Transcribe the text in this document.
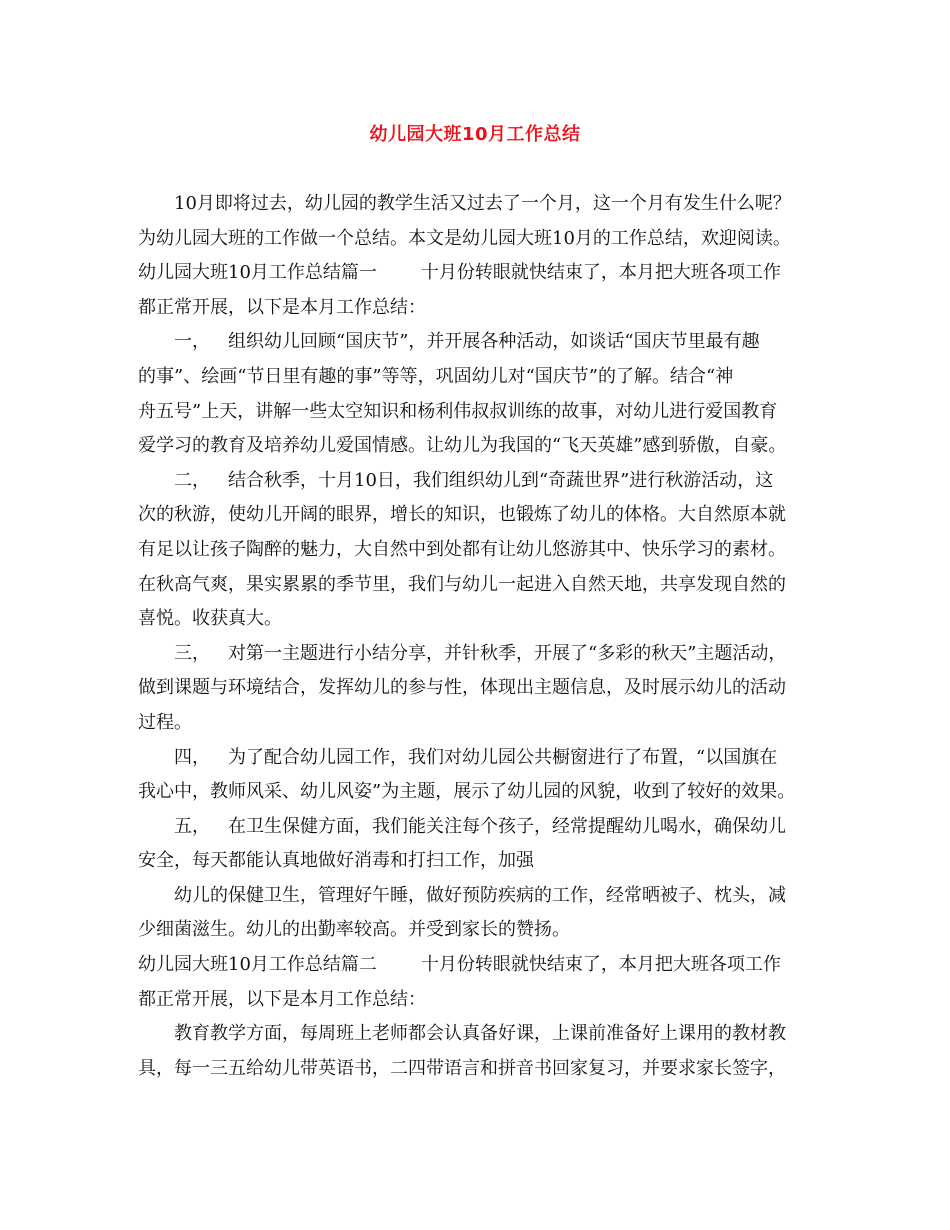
幼儿园大班10月工作总结
10月即将过去，幼儿园的教学生活又过去了一个月，这一个月有发生什么呢？
为幼儿园大班的工作做一个总结。本文是幼儿园大班10月的工作总结，欢迎阅读。
幼儿园大班10月工作总结篇一 十月份转眼就快结束了，本月把大班各项工作
都正常开展，以下是本月工作总结：
一， 组织幼儿回顾“国庆节”，并开展各种活动，如谈话“国庆节里最有趣
的事”、绘画“节日里有趣的事”等等，巩固幼儿对“国庆节”的了解。结合“神
舟五号”上天，讲解一些太空知识和杨利伟叔叔训练的故事，对幼儿进行爱国教育
爱学习的教育及培养幼儿爱国情感。让幼儿为我国的“飞天英雄”感到骄傲，自豪。
二， 结合秋季，十月10日，我们组织幼儿到“奇蔬世界”进行秋游活动，这
次的秋游，使幼儿开阔的眼界，增长的知识，也锻炼了幼儿的体格。大自然原本就
有足以让孩子陶醉的魅力，大自然中到处都有让幼儿悠游其中、快乐学习的素材。
在秋高气爽，果实累累的季节里，我们与幼儿一起进入自然天地，共享发现自然的
喜悦。收获真大。
三， 对第一主题进行小结分享，并针秋季，开展了“多彩的秋天”主题活动，
做到课题与环境结合，发挥幼儿的参与性，体现出主题信息，及时展示幼儿的活动
过程。
四， 为了配合幼儿园工作，我们对幼儿园公共橱窗进行了布置，“以国旗在
我心中，教师风采、幼儿风姿”为主题，展示了幼儿园的风貌，收到了较好的效果。
五， 在卫生保健方面，我们能关注每个孩子，经常提醒幼儿喝水，确保幼儿
安全，每天都能认真地做好消毒和打扫工作，加强
幼儿的保健卫生，管理好午睡，做好预防疾病的工作，经常晒被子、枕头，减
少细菌滋生。幼儿的出勤率较高。并受到家长的赞扬。
幼儿园大班10月工作总结篇二 十月份转眼就快结束了，本月把大班各项工作
都正常开展，以下是本月工作总结：
教育教学方面，每周班上老师都会认真备好课，上课前准备好上课用的教材教
具，每一三五给幼儿带英语书，二四带语言和拼音书回家复习，并要求家长签字，
